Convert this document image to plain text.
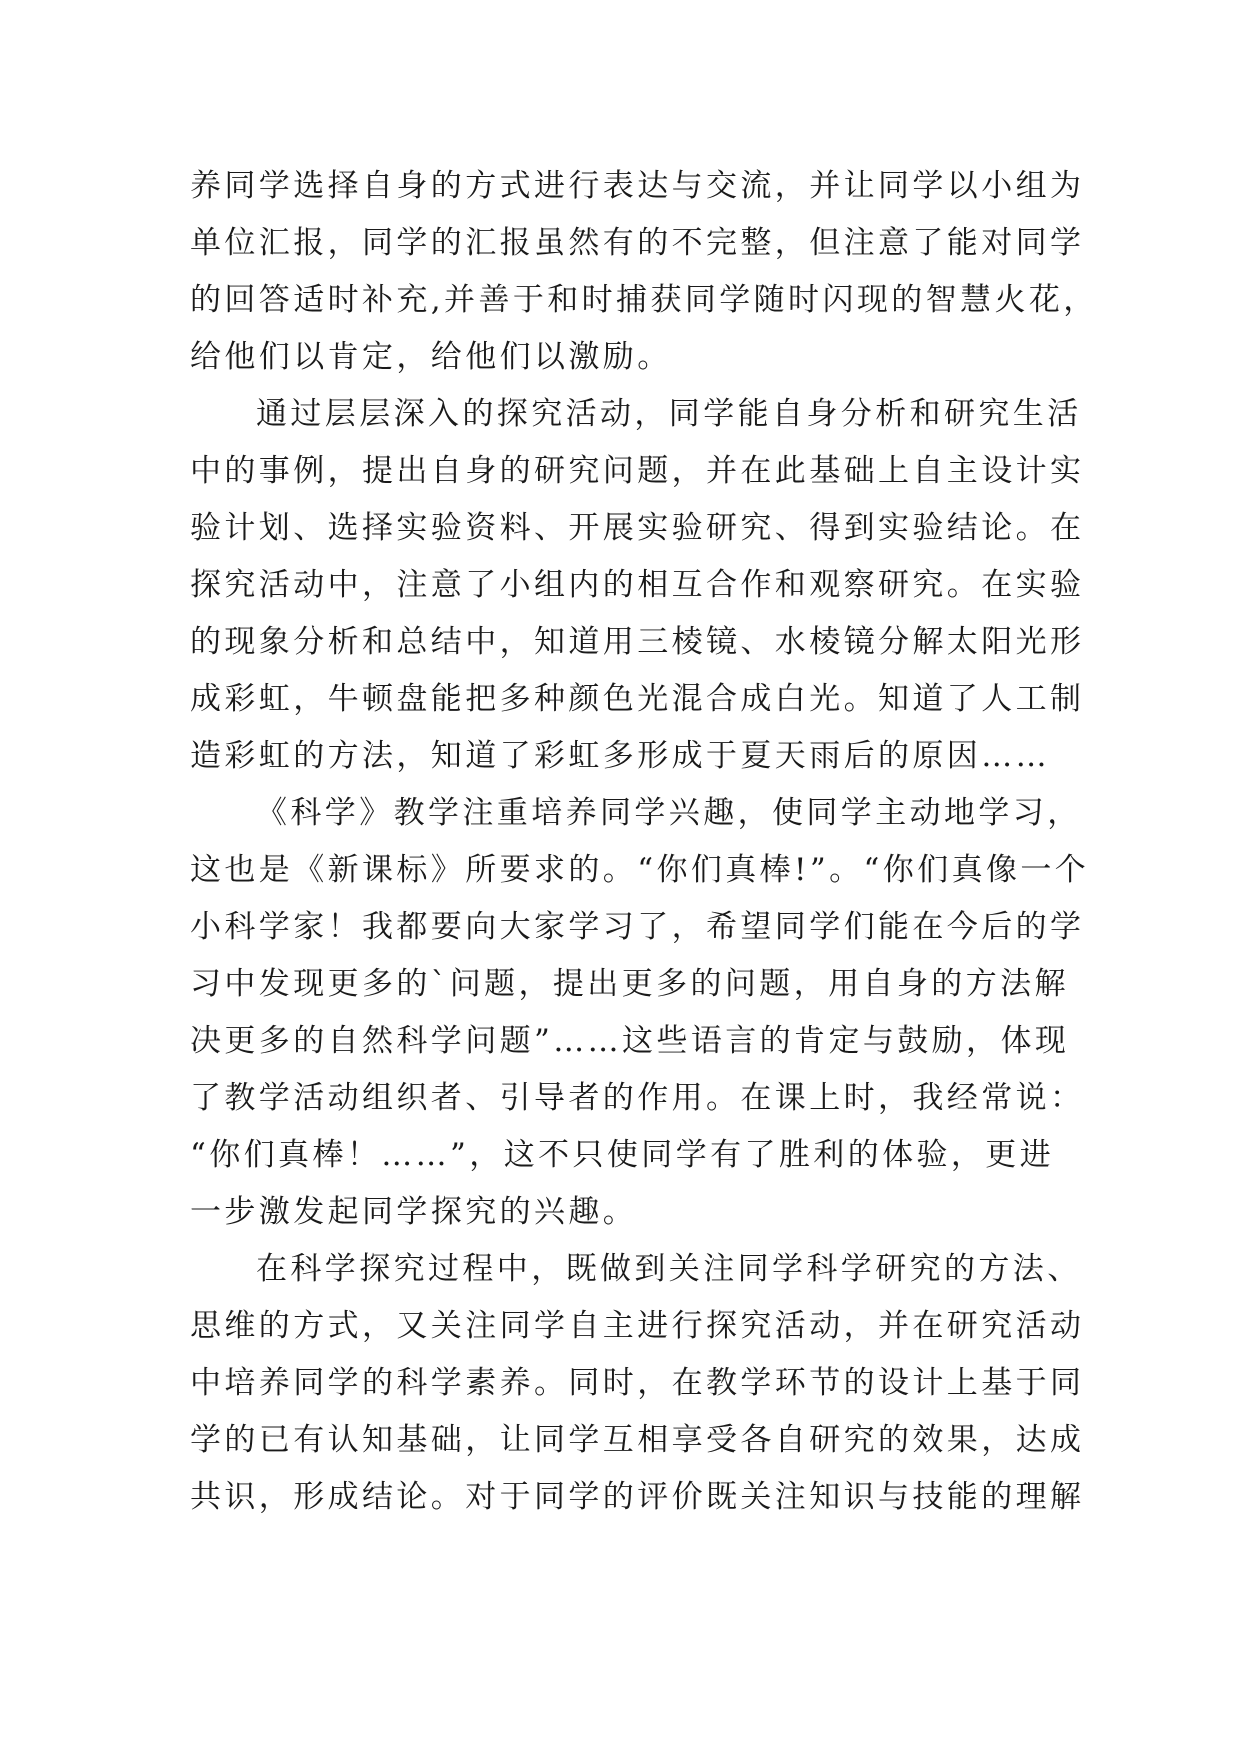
养同学选择自身的方式进行表达与交流，并让同学以小组为
单位汇报，同学的汇报虽然有的不完整，但注意了能对同学
的回答适时补充,并善于和时捕获同学随时闪现的智慧火花，
给他们以肯定，给他们以激励。
通过层层深入的探究活动，同学能自身分析和研究生活
中的事例，提出自身的研究问题，并在此基础上自主设计实
验计划、选择实验资料、开展实验研究、得到实验结论。在
探究活动中，注意了小组内的相互合作和观察研究。在实验
的现象分析和总结中，知道用三棱镜、水棱镜分解太阳光形
成彩虹，牛顿盘能把多种颜色光混合成白光。知道了人工制
造彩虹的方法，知道了彩虹多形成于夏天雨后的原因……
《科学》教学注重培养同学兴趣，使同学主动地学习，
这也是《新课标》所要求的。“你们真棒!”。“你们真像一个
小科学家！我都要向大家学习了，希望同学们能在今后的学
习中发现更多的`问题，提出更多的问题，用自身的方法解
决更多的自然科学问题”……这些语言的肯定与鼓励，体现
了教学活动组织者、引导者的作用。在课上时，我经常说：
“你们真棒！……”，这不只使同学有了胜利的体验，更进
一步激发起同学探究的兴趣。
在科学探究过程中，既做到关注同学科学研究的方法、
思维的方式，又关注同学自主进行探究活动，并在研究活动
中培养同学的科学素养。同时，在教学环节的设计上基于同
学的已有认知基础，让同学互相享受各自研究的效果，达成
共识，形成结论。对于同学的评价既关注知识与技能的理解
